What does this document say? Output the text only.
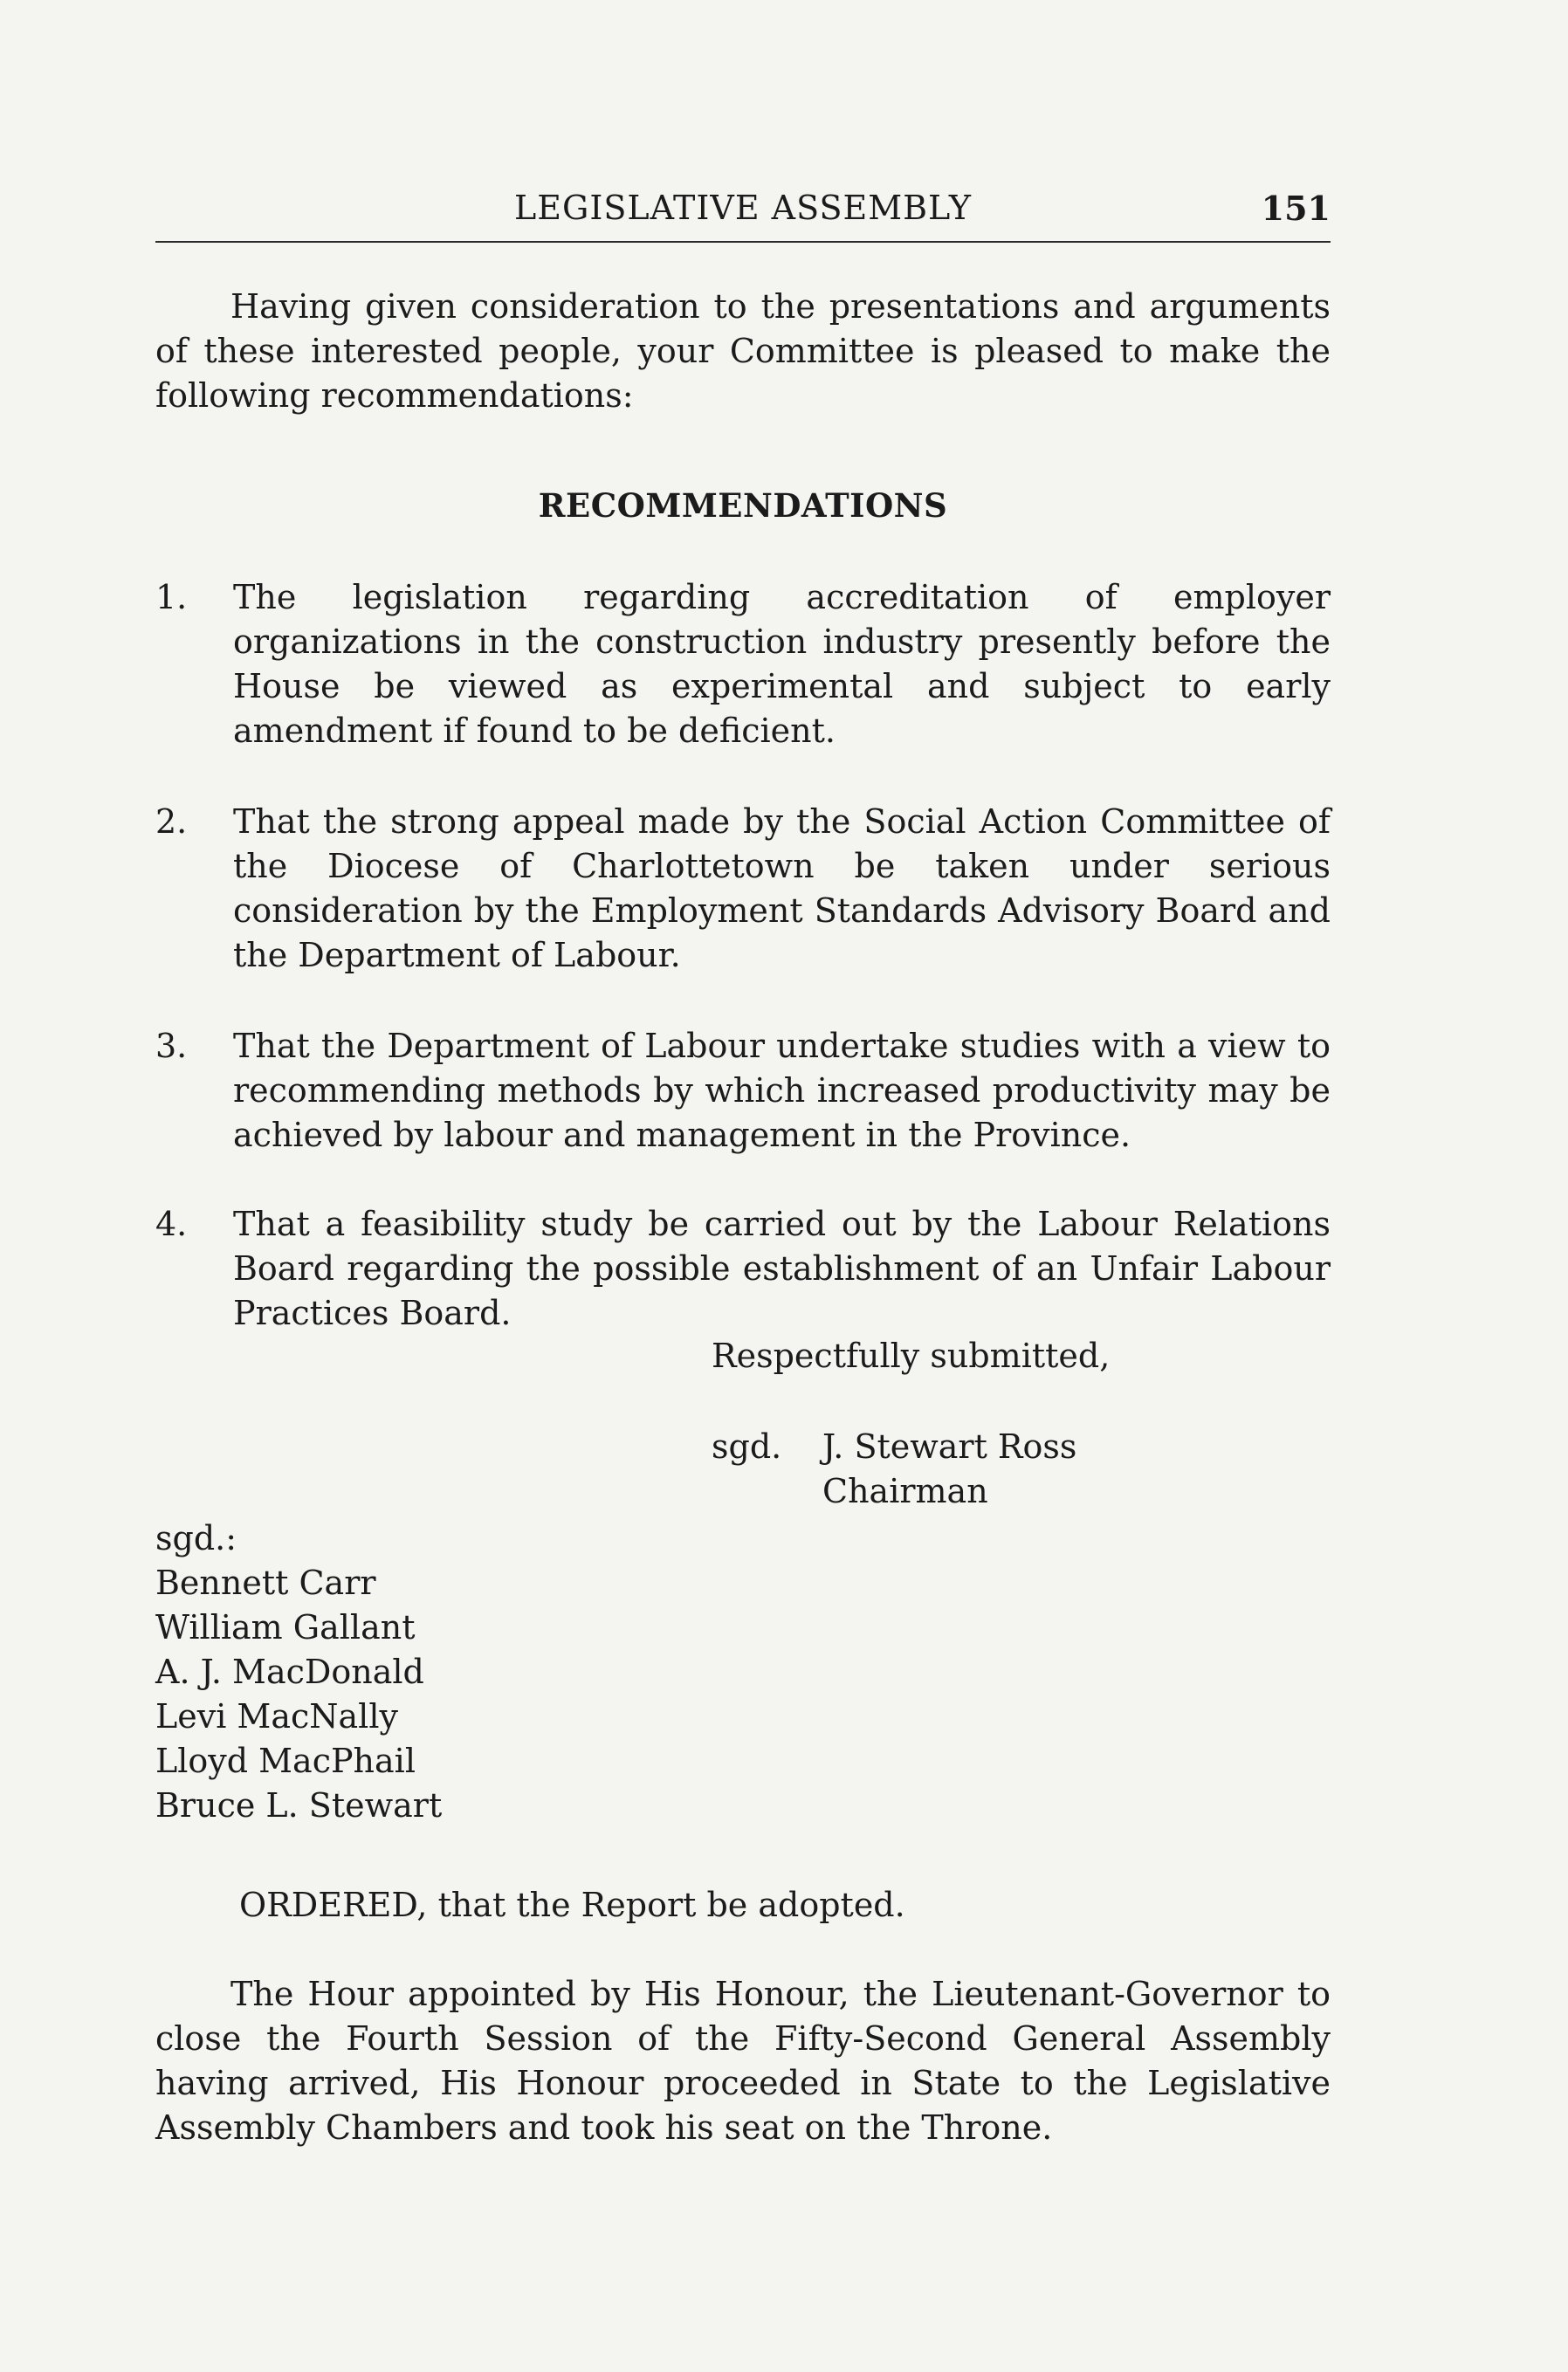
LEGISLATIVE ASSEMBLY	151

Having given consideration to the presentations and arguments of these interested people, your Committee is pleased to make the following recommendations:

RECOMMENDATIONS
1. The legislation regarding accreditation of employer organizations in the construction industry presently before the House be viewed as experimental and subject to early amendment if found to be deficient.
2. That the strong appeal made by the Social Action Committee of the Diocese of Charlottetown be taken under serious consideration by the Employment Standards Advisory Board and the Department of Labour.
3. That the Department of Labour undertake studies with a view to recommending methods by which increased productivity may be achieved by labour and management in the Province.
4. That a feasibility study be carried out by the Labour Relations Board regarding the possible establishment of an Unfair Labour Practices Board.
Respectfully submitted,
sgd. J. Stewart Ross
Chairman
sgd.:
Bennett Carr
William Gallant
A. J. MacDonald
Levi MacNally
Lloyd MacPhail
Bruce L. Stewart
ORDERED, that the Report be adopted.

The Hour appointed by His Honour, the Lieutenant-Governor to close the Fourth Session of the Fifty-Second General Assembly having arrived, His Honour proceeded in State to the Legislative Assembly Chambers and took his seat on the Throne.
